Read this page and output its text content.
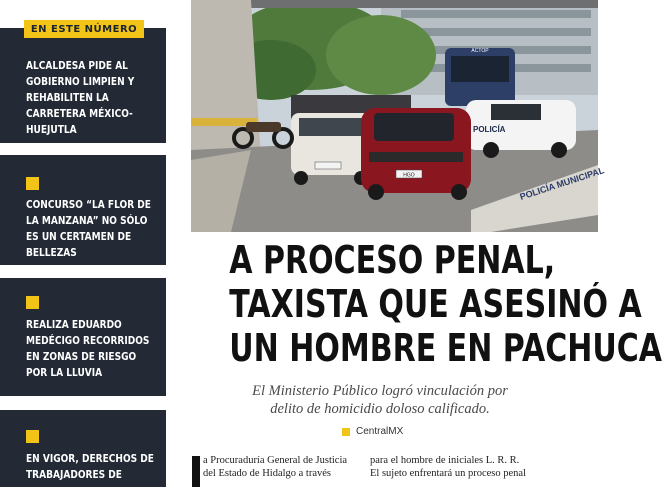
ALCALDESA PIDE AL GOBIERNO LIMPIEN Y REHABILITEN LA CARRETERA MÉXICO-HUEJUTLA

EN ESTE NÚMERO

CONCURSO “LA FLOR DE LA MANZANA” NO SÓLO ES UN CERTAMEN DE BELLEZAS

REALIZA EDUARDO MEDÉCIGO RECORRIDOS EN ZONAS DE RIESGO POR LA LLUVIA

EN VIGOR, DERECHOS DE TRABAJADORES DE

ACTOP
POLICÍA
HGO	POLICÍA MUNICIPAL
A PROCESO PENAL,
TAXISTA QUE ASESINÓ A
UN HOMBRE EN PACHUCA

El Ministerio Público logró vinculación por
delito de homicidio doloso calificado.

CentralMX

a Procuraduría General de Justicia
del Estado de Hidalgo a través

para el hombre de iniciales L. R. R.
El sujeto enfrentará un proceso penal
